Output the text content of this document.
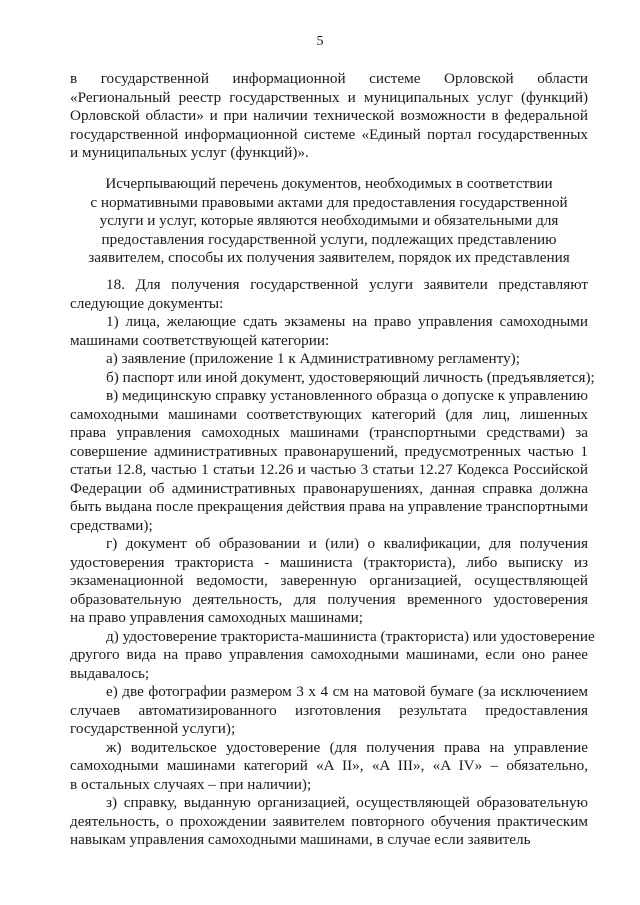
5
в государственной информационной системе Орловской области
«Региональный реестр государственных и муниципальных услуг (функций)
Орловской области» и при наличии технической возможности в федеральной
государственной информационной системе «Единый портал государственных
и муниципальных услуг (функций)».
Исчерпывающий перечень документов, необходимых в соответствии
с нормативными правовыми актами для предоставления государственной
услуги и услуг, которые являются необходимыми и обязательными для
предоставления государственной услуги, подлежащих представлению
заявителем, способы их получения заявителем, порядок их представления
18. Для получения государственной услуги заявители представляют
следующие документы:
1) лица, желающие сдать экзамены на право управления самоходными
машинами соответствующей категории:
а) заявление (приложение 1 к Административному регламенту);
б) паспорт или иной документ, удостоверяющий личность (предъявляется);
в) медицинскую справку установленного образца о допуске к управлению
самоходными машинами соответствующих категорий (для лиц, лишенных
права управления самоходных машинами (транспортными средствами) за
совершение административных правонарушений, предусмотренных частью 1
статьи 12.8, частью 1 статьи 12.26 и частью 3 статьи 12.27 Кодекса Российской
Федерации об административных правонарушениях, данная справка должна
быть выдана после прекращения действия права на управление транспортными
средствами);
г) документ об образовании и (или) о квалификации, для получения
удостоверения тракториста - машиниста (тракториста), либо выписку из
экзаменационной ведомости, заверенную организацией, осуществляющей
образовательную деятельность, для получения временного удостоверения
на право управления самоходных машинами;
д) удостоверение тракториста-машиниста (тракториста) или удостоверение
другого вида на право управления самоходными машинами, если оно ранее
выдавалось;
е) две фотографии размером 3 х 4 см на матовой бумаге (за исключением
случаев автоматизированного изготовления результата предоставления
государственной услуги);
ж) водительское удостоверение (для получения права на управление
самоходными машинами категорий «A II», «A III», «A IV» – обязательно,
в остальных случаях – при наличии);
з) справку, выданную организацией, осуществляющей образовательную
деятельность, о прохождении заявителем повторного обучения практическим
навыкам управления самоходными машинами, в случае если заявитель
